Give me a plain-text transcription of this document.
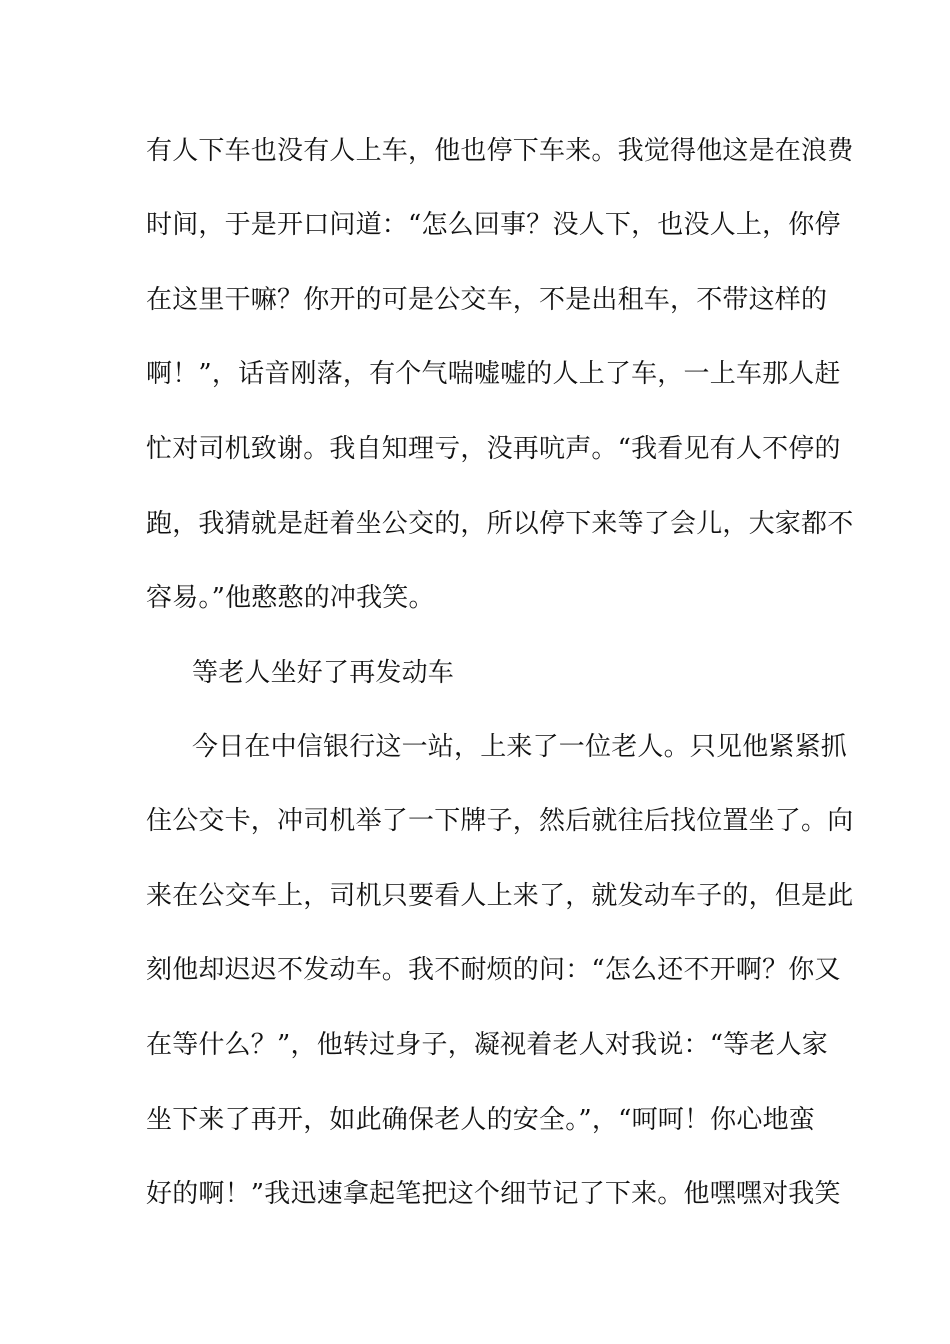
有人下车也没有人上车，他也停下车来。我觉得他这是在浪费
时间，于是开口问道：“怎么回事？没人下，也没人上，你停
在这里干嘛？你开的可是公交车，不是出租车，不带这样的
啊！”，话音刚落，有个气喘嘘嘘的人上了车，一上车那人赶
忙对司机致谢。我自知理亏，没再吭声。“我看见有人不停的
跑，我猜就是赶着坐公交的，所以停下来等了会儿，大家都不
容易。”他憨憨的冲我笑。
等老人坐好了再发动车
今日在中信银行这一站，上来了一位老人。只见他紧紧抓
住公交卡，冲司机举了一下牌子，然后就往后找位置坐了。向
来在公交车上，司机只要看人上来了，就发动车子的，但是此
刻他却迟迟不发动车。我不耐烦的问：“怎么还不开啊？你又
在等什么？”，他转过身子，凝视着老人对我说：“等老人家
坐下来了再开，如此确保老人的安全。”，“呵呵！你心地蛮
好的啊！”我迅速拿起笔把这个细节记了下来。他嘿嘿对我笑
